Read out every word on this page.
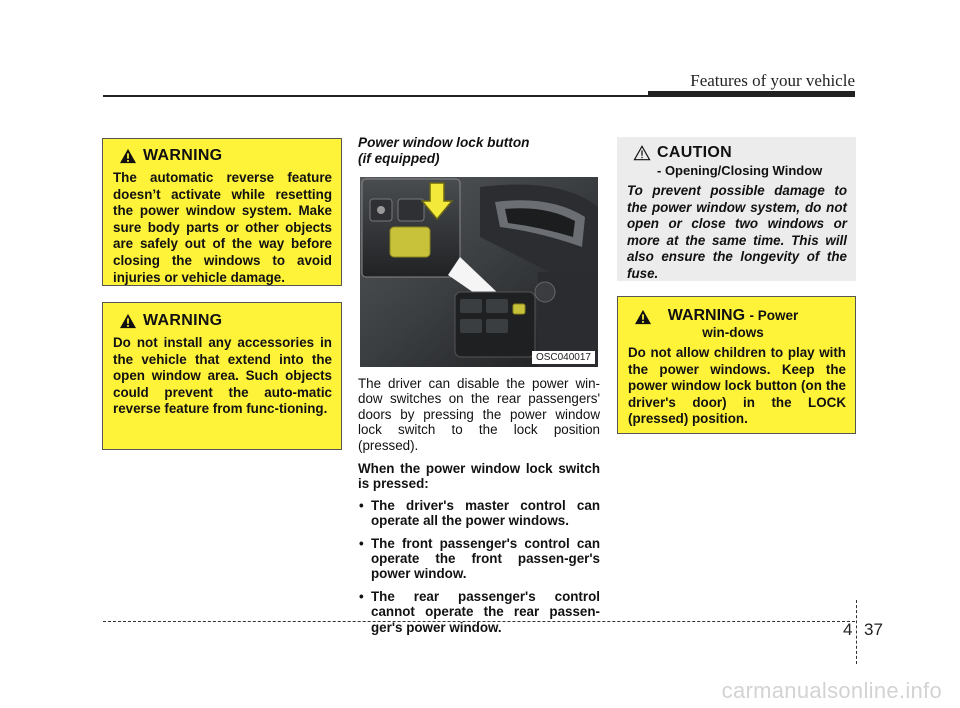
Features of your vehicle
WARNING

The automatic reverse feature doesn’t activate while resetting the power window system. Make sure body parts or other objects are safely out of the way before closing the windows to avoid injuries or vehicle damage.

WARNING

Do not install any accessories in the vehicle that extend into the open window area. Such objects could prevent the auto-matic reverse feature from func-tioning.

Power window lock button
(if equipped)
OSC040017

The driver can disable the power win-dow switches on the rear passengers' doors by pressing the power window lock switch to the lock position (pressed).

When the power window lock switch is pressed:

• The driver's master control can operate all the power windows.
• The front passenger's control can operate the front passen-ger's power window.
• The rear passenger's control cannot operate the rear passen-ger's power window.
CAUTION
- Opening/Closing Window

To prevent possible damage to the power window system, do not open or close two windows or more at the same time. This will also ensure the longevity of the fuse.

WARNING - Power win-dows

Do not allow children to play with the power windows. Keep the power window lock button (on the driver's door) in the LOCK (pressed) position.

4 37
carmanualsonline.info
